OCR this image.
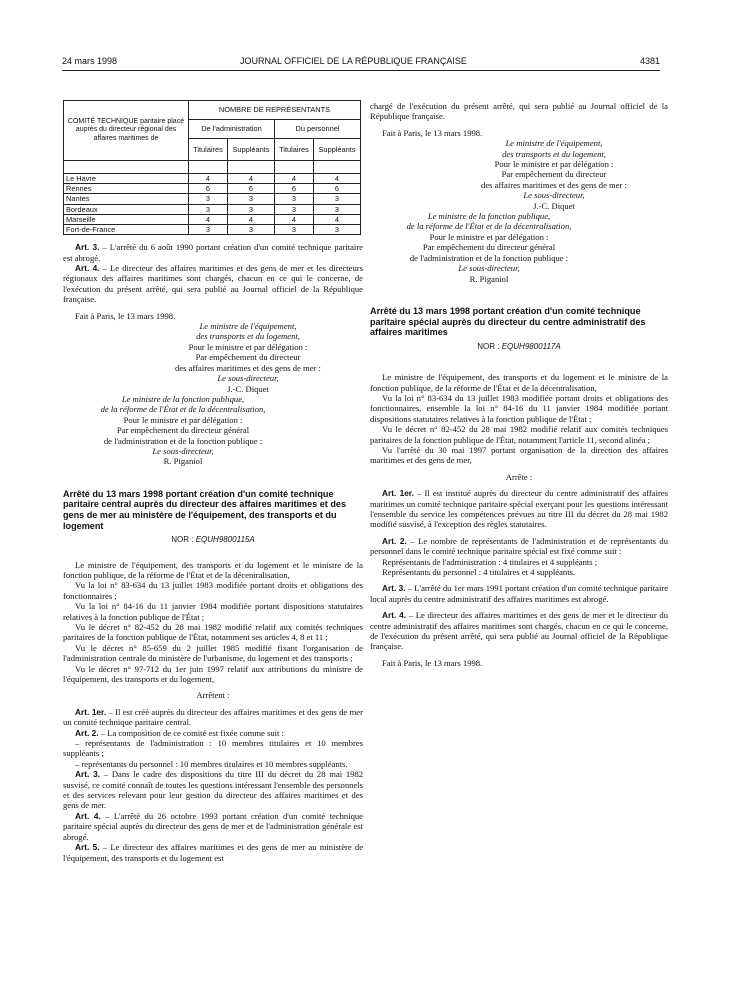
24 mars 1998	JOURNAL OFFICIEL DE LA RÉPUBLIQUE FRANÇAISE	4381
COMITÉ TECHNIQUE paritaire placé auprès du directeur régional des affaires maritimes de	NOMBRE DE REPRÉSENTANTS			
	De l'administration		Du personnel	
	Titulaires	Suppléants	Titulaires	Suppléants

Le Havre	4	4	4	4
Rennes	6	6	6	6
Nantes	3	3	3	3
Bordeaux	3	3	3	3
Marseille	4	4	4	4
Fort-de-France	3	3	3	3

Art. 3. – L'arrêté du 6 août 1990 portant création d'un comité technique paritaire est abrogé.

Art. 4. – Le directeur des affaires maritimes et des gens de mer et les directeurs régionaux des affaires maritimes sont chargés, chacun en ce qui le concerne, de l'exécution du présent arrêté, qui sera publié au Journal officiel de la République française.

Fait à Paris, le 13 mars 1998.

Le ministre de l'équipement,

des transports et du logement,

Pour le ministre et par délégation :

Par empêchement du directeur

des affaires maritimes et des gens de mer :

Le sous-directeur,

J.-C. Diquet

Le ministre de la fonction publique,

de la réforme de l'État et de la décentralisation,

Pour le ministre et par délégation :

Par empêchement du directeur général

de l'administration et de la fonction publique :

Le sous-directeur,

R. Piganiol

Arrêté du 13 mars 1998 portant création d'un comité technique paritaire central auprès du directeur des affaires maritimes et des gens de mer au ministère de l'équipement, des transports et du logement

NOR : EQUH9800115A

Le ministre de l'équipement, des transports et du logement et le ministre de la fonction publique, de la réforme de l'État et de la décentralisation,

Vu la loi n° 83-634 du 13 juillet 1983 modifiée portant droits et obligations des fonctionnaires ;

Vu la loi n° 84-16 du 11 janvier 1984 modifiée portant dispositions statutaires relatives à la fonction publique de l'État ;

Vu le décret n° 82-452 du 28 mai 1982 modifié relatif aux comités techniques paritaires de la fonction publique de l'État, notamment ses articles 4, 8 et 11 ;

Vu le décret n° 85-659 du 2 juillet 1985 modifié fixant l'organisation de l'administration centrale du ministère de l'urbanisme, du logement et des transports ;

Vu le décret n° 97-712 du 1er juin 1997 relatif aux attributions du ministre de l'équipement, des transports et du logement,

Arrêtent :

Art. 1er. – Il est créé auprès du directeur des affaires maritimes et des gens de mer un comité technique paritaire central.

Art. 2. – La composition de ce comité est fixée comme suit :

– représentants de l'administration : 10 membres titulaires et 10 membres suppléants ;

– représentants du personnel : 10 membres titulaires et 10 membres suppléants.

Art. 3. – Dans le cadre des dispositions du titre III du décret du 28 mai 1982 susvisé, ce comité connaît de toutes les questions intéressant l'ensemble des personnels et des services relevant pour leur gestion du directeur des affaires maritimes et des gens de mer.

Art. 4. – L'arrêté du 26 octobre 1993 portant création d'un comité technique paritaire spécial auprès du directeur des gens de mer et de l'administration générale est abrogé.

Art. 5. – Le directeur des affaires maritimes et des gens de mer au ministère de l'équipement, des transports et du logement est

chargé de l'exécution du présent arrêté, qui sera publié au Journal officiel de la République française.

Fait à Paris, le 13 mars 1998.

Le ministre de l'équipement,

des transports et du logement,

Pour le ministre et par délégation :

Par empêchement du directeur

des affaires maritimes et des gens de mer :

Le sous-directeur,

J.-C. Diquet

Le ministre de la fonction publique,

de la réforme de l'État et de la décentralisation,

Pour le ministre et par délégation :

Par empêchement du directeur général

de l'administration et de la fonction publique :

Le sous-directeur,

R. Piganiol

Arrêté du 13 mars 1998 portant création d'un comité technique paritaire spécial auprès du directeur du centre administratif des affaires maritimes

NOR : EQUH9800117A

Le ministre de l'équipement, des transports et du logement et le ministre de la fonction publique, de la réforme de l'État et de la décentralisation,

Vu la loi n° 83-634 du 13 juillet 1983 modifiée portant droits et obligations des fonctionnaires, ensemble la loi n° 84-16 du 11 janvier 1984 modifiée portant dispositions statutaires relatives à la fonction publique de l'État ;

Vu le décret n° 82-452 du 28 mai 1982 modifié relatif aux comités techniques paritaires de la fonction publique de l'État, notamment l'article 11, second alinéa ;

Vu l'arrêté du 30 mai 1997 portant organisation de la direction des affaires maritimes et des gens de mer,

Arrête :

Art. 1er. – Il est institué auprès du directeur du centre administratif des affaires maritimes un comité technique paritaire spécial exerçant pour les questions intéressant l'ensemble du service les compétences prévues au titre III du décret du 28 mai 1982 modifié susvisé, à l'exception des règles statutaires.

Art. 2. – Le nombre de représentants de l'administration et de représentants du personnel dans le comité technique paritaire spécial est fixé comme suit :

Représentants de l'administration : 4 titulaires et 4 suppléants ;

Représentants du personnel : 4 titulaires et 4 suppléants.

Art. 3. – L'arrêté du 1er mars 1991 portant création d'un comité technique paritaire local auprès du centre administratif des affaires maritimes est abrogé.

Art. 4. – Le directeur des affaires maritimes et des gens de mer et le directeur du centre administratif des affaires maritimes sont chargés, chacun en ce qui le concerne, de l'exécution du présent arrêté, qui sera publié au Journal officiel de la République française.

Fait à Paris, le 13 mars 1998.
